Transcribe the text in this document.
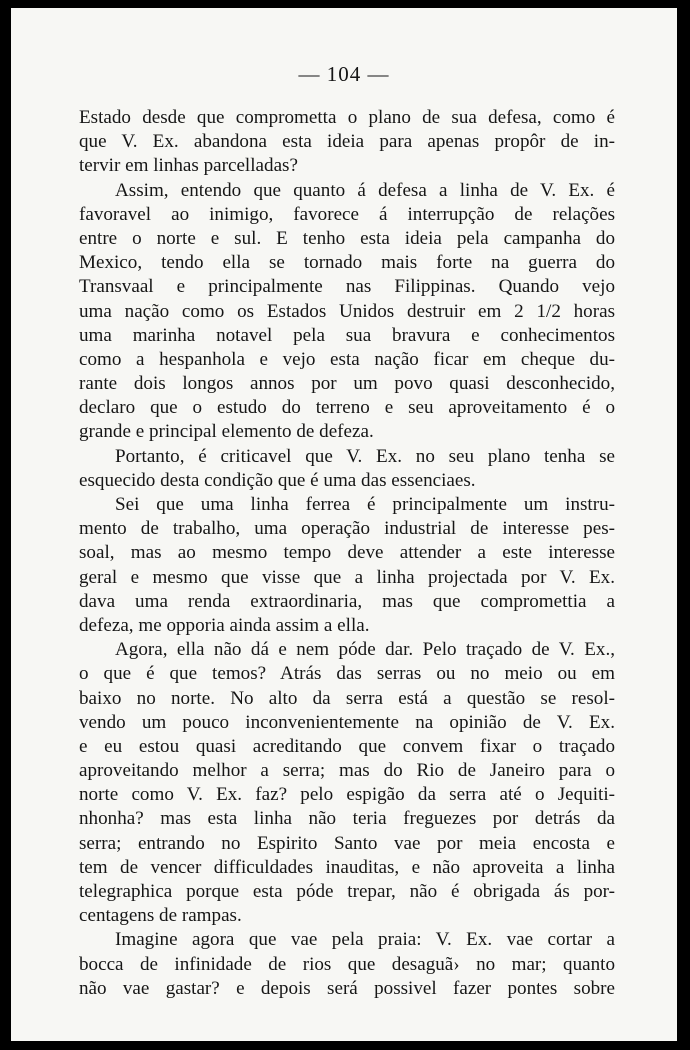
— 104 —
Estado desde que comprometta o plano de sua defesa, como é
que V. Ex. abandona esta ideia para apenas propôr de in-
tervir em linhas parcelladas?
Assim, entendo que quanto á defesa a linha de V. Ex. é
favoravel ao inimigo, favorece á interrupção de relações
entre o norte e sul. E tenho esta ideia pela campanha do
Mexico, tendo ella se tornado mais forte na guerra do
Transvaal e principalmente nas Filippinas. Quando vejo
uma nação como os Estados Unidos destruir em 2 1/2 horas
uma marinha notavel pela sua bravura e conhecimentos
como a hespanhola e vejo esta nação ficar em cheque du-
rante dois longos annos por um povo quasi desconhecido,
declaro que o estudo do terreno e seu aproveitamento é o
grande e principal elemento de defeza.
Portanto, é criticavel que V. Ex. no seu plano tenha se
esquecido desta condição que é uma das essenciaes.
Sei que uma linha ferrea é principalmente um instru-
mento de trabalho, uma operação industrial de interesse pes-
soal, mas ao mesmo tempo deve attender a este interesse
geral e mesmo que visse que a linha projectada por V. Ex.
dava uma renda extraordinaria, mas que compromettia a
defeza, me opporia ainda assim a ella.
Agora, ella não dá e nem póde dar. Pelo traçado de V. Ex.,
o que é que temos? Atrás das serras ou no meio ou em
baixo no norte. No alto da serra está a questão se resol-
vendo um pouco inconvenientemente na opinião de V. Ex.
e eu estou quasi acreditando que convem fixar o traçado
aproveitando melhor a serra; mas do Rio de Janeiro para o
norte como V. Ex. faz? pelo espigão da serra até o Jequiti-
nhonha? mas esta linha não teria freguezes por detrás da
serra; entrando no Espirito Santo vae por meia encosta e
tem de vencer difficuldades inauditas, e não aproveita a linha
telegraphica porque esta póde trepar, não é obrigada ás por-
centagens de rampas.
Imagine agora que vae pela praia: V. Ex. vae cortar a
bocca de infinidade de rios que desaguã› no mar; quanto
não vae gastar? e depois será possivel fazer pontes sobre
